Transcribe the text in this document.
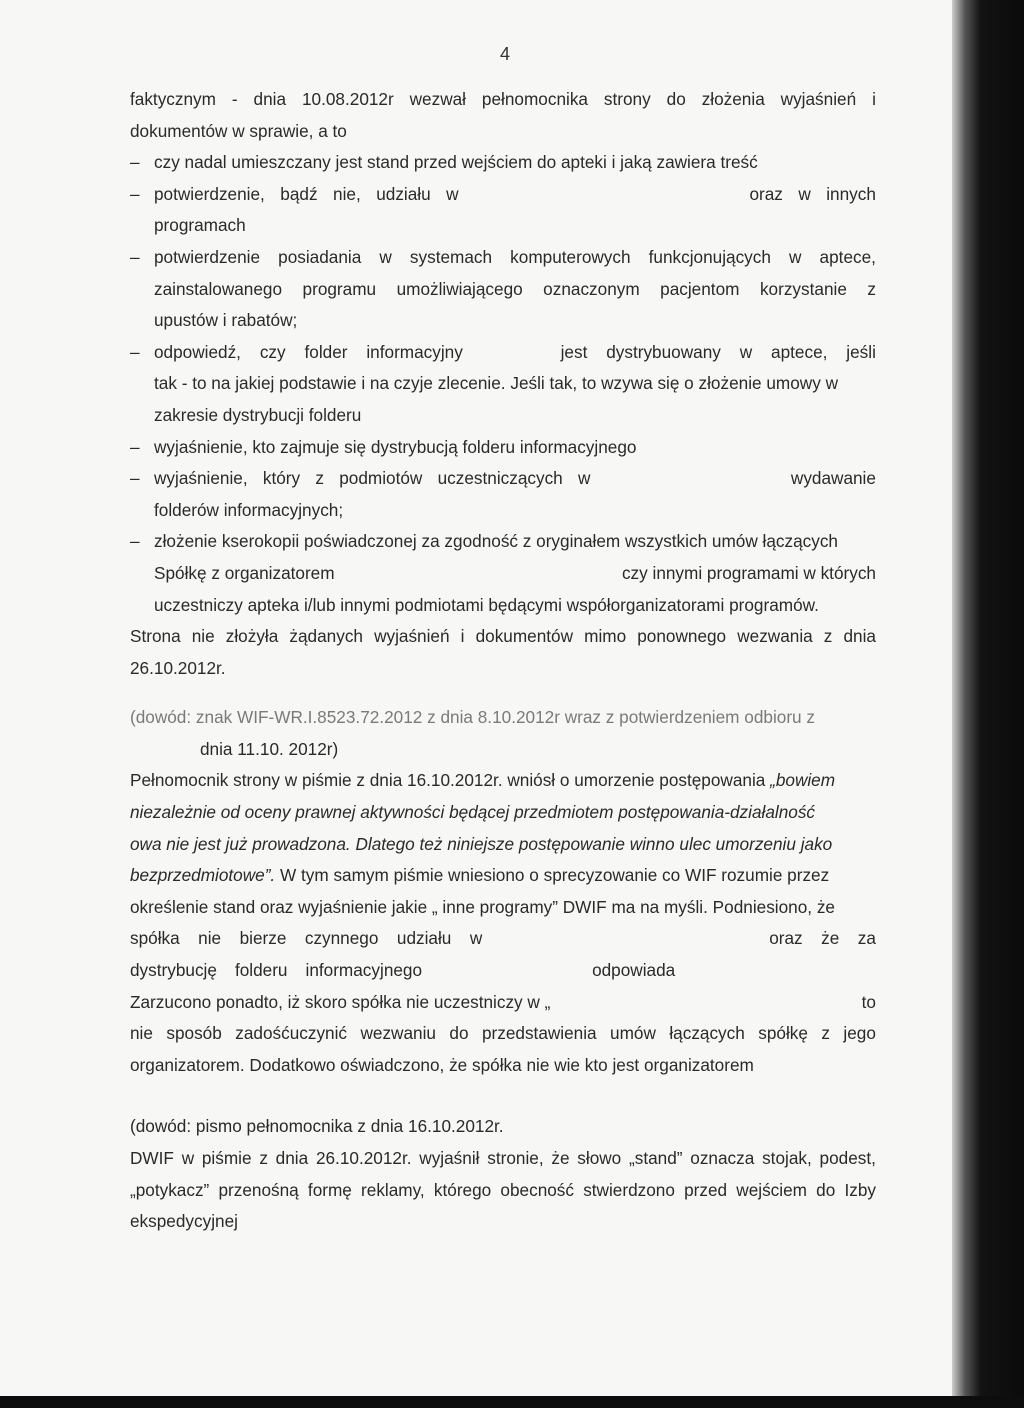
4
faktycznym - dnia 10.08.2012r wezwał pełnomocnika strony do złożenia wyjaśnień i
dokumentów w sprawie, a to
– czy nadal umieszczany jest stand przed wejściem do apteki i jaką zawiera treść
– potwierdzenie, bądź nie, udziału w	oraz w innych
programach
– potwierdzenie posiadania w systemach komputerowych funkcjonujących w aptece,
zainstalowanego programu umożliwiającego oznaczonym pacjentom korzystanie z
upustów i rabatów;
– odpowiedź, czy folder informacyjny	jest dystrybuowany w aptece, jeśli
tak - to na jakiej podstawie i na czyje zlecenie. Jeśli tak, to wzywa się o złożenie umowy w
zakresie dystrybucji folderu
– wyjaśnienie, kto zajmuje się dystrybucją folderu informacyjnego
– wyjaśnienie, który z podmiotów uczestniczących w	wydawanie
folderów informacyjnych;
– złożenie kserokopii poświadczonej za zgodność z oryginałem wszystkich umów łączących
Spółkę z organizatorem	czy innymi programami w których
uczestniczy apteka i/lub innymi podmiotami będącymi współorganizatorami programów.
Strona nie złożyła żądanych wyjaśnień i dokumentów mimo ponownego wezwania z dnia
26.10.2012r.
(dowód: znak WIF-WR.I.8523.72.2012 z dnia 8.10.2012r wraz z potwierdzeniem odbioru z
dnia 11.10. 2012r)
Pełnomocnik strony w piśmie z dnia 16.10.2012r. wniósł o umorzenie postępowania „bowiem
niezależnie od oceny prawnej aktywności będącej przedmiotem postępowania-działalność
owa nie jest już prowadzona. Dlatego też niniejsze postępowanie winno ulec umorzeniu jako
bezprzedmiotowe”. W tym samym piśmie wniesiono o sprecyzowanie co WIF rozumie przez
określenie stand oraz wyjaśnienie jakie „ inne programy” DWIF ma na myśli. Podniesiono, że
spółka nie bierze czynnego udziału w	oraz że za
dystrybucję folderu informacyjnego	odpowiada
Zarzucono ponadto, iż skoro spółka nie uczestniczy w „	to
nie sposób zadośćuczynić wezwaniu do przedstawienia umów łączących spółkę z jego
organizatorem. Dodatkowo oświadczono, że spółka nie wie kto jest organizatorem
(dowód: pismo pełnomocnika z dnia 16.10.2012r.
DWIF w piśmie z dnia 26.10.2012r. wyjaśnił stronie, że słowo „stand” oznacza stojak, podest,
„potykacz” przenośną formę reklamy, którego obecność stwierdzono przed wejściem do Izby
ekspedycyjnej
